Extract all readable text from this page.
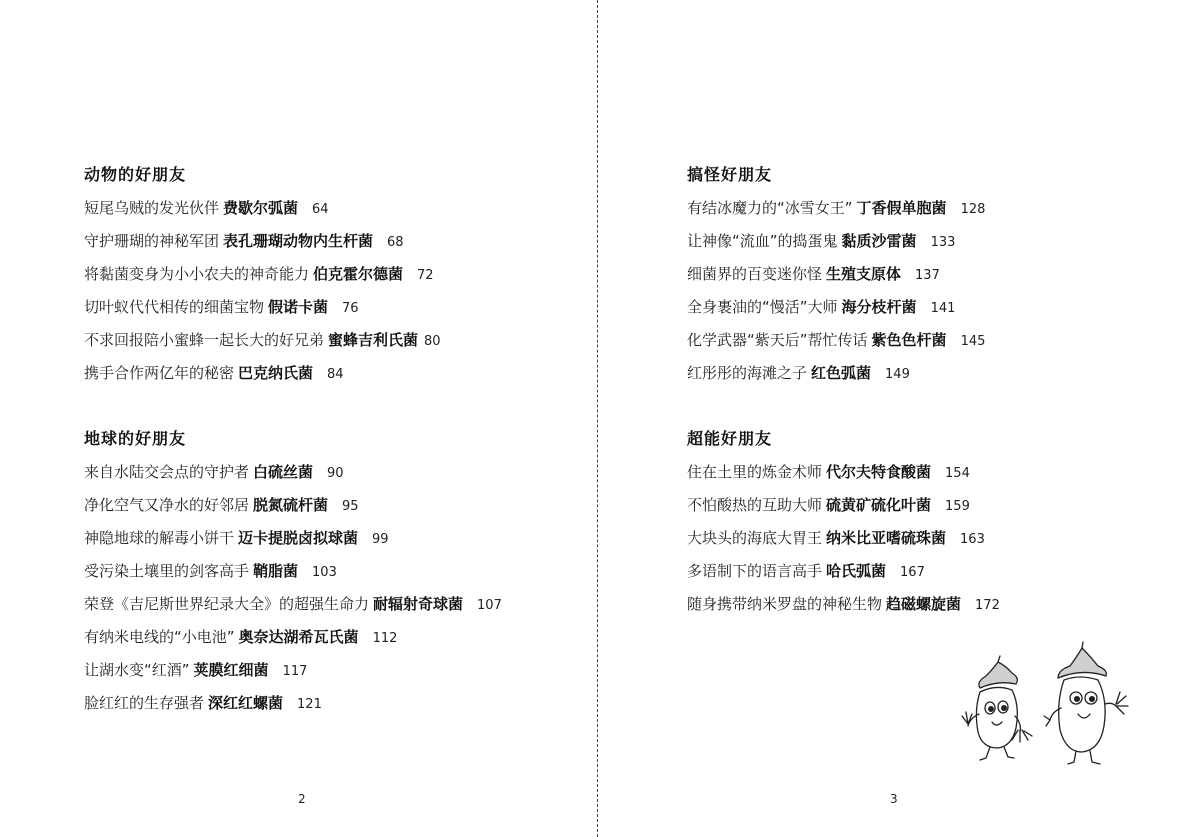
动物的好朋友
短尾乌贼的发光伙伴 费歇尔弧菌 64
守护珊瑚的神秘军团 表孔珊瑚动物内生杆菌 68
将黏菌变身为小小农夫的神奇能力 伯克霍尔德菌 72
切叶蚁代代相传的细菌宝物 假诺卡菌 76
不求回报陪小蜜蜂一起长大的好兄弟 蜜蜂吉利氏菌 80
携手合作两亿年的秘密 巴克纳氏菌 84
地球的好朋友
来自水陆交会点的守护者 白硫丝菌 90
净化空气又净水的好邻居 脱氮硫杆菌 95
神隐地球的解毒小饼干 迈卡提脱卤拟球菌 99
受污染土壤里的剑客高手 鞘脂菌 103
荣登《吉尼斯世界纪录大全》的超强生命力 耐辐射奇球菌 107
有纳米电线的“小电池” 奥奈达湖希瓦氏菌 112
让湖水变“红酒” 荚膜红细菌 117
脸红红的生存强者 深红红螺菌 121
2
搞怪好朋友
有结冰魔力的“冰雪女王” 丁香假单胞菌 128
让神像“流血”的捣蛋鬼 黏质沙雷菌 133
细菌界的百变迷你怪 生殖支原体 137
全身裹油的“慢活”大师 海分枝杆菌 141
化学武器“紫天后”帮忙传话 紫色色杆菌 145
红彤彤的海滩之子 红色弧菌 149
超能好朋友
住在土里的炼金术师 代尔夫特食酸菌 154
不怕酸热的互助大师 硫黄矿硫化叶菌 159
大块头的海底大胃王 纳米比亚嗜硫珠菌 163
多语制下的语言高手 哈氏弧菌 167
随身携带纳米罗盘的神秘生物 趋磁螺旋菌 172
3
